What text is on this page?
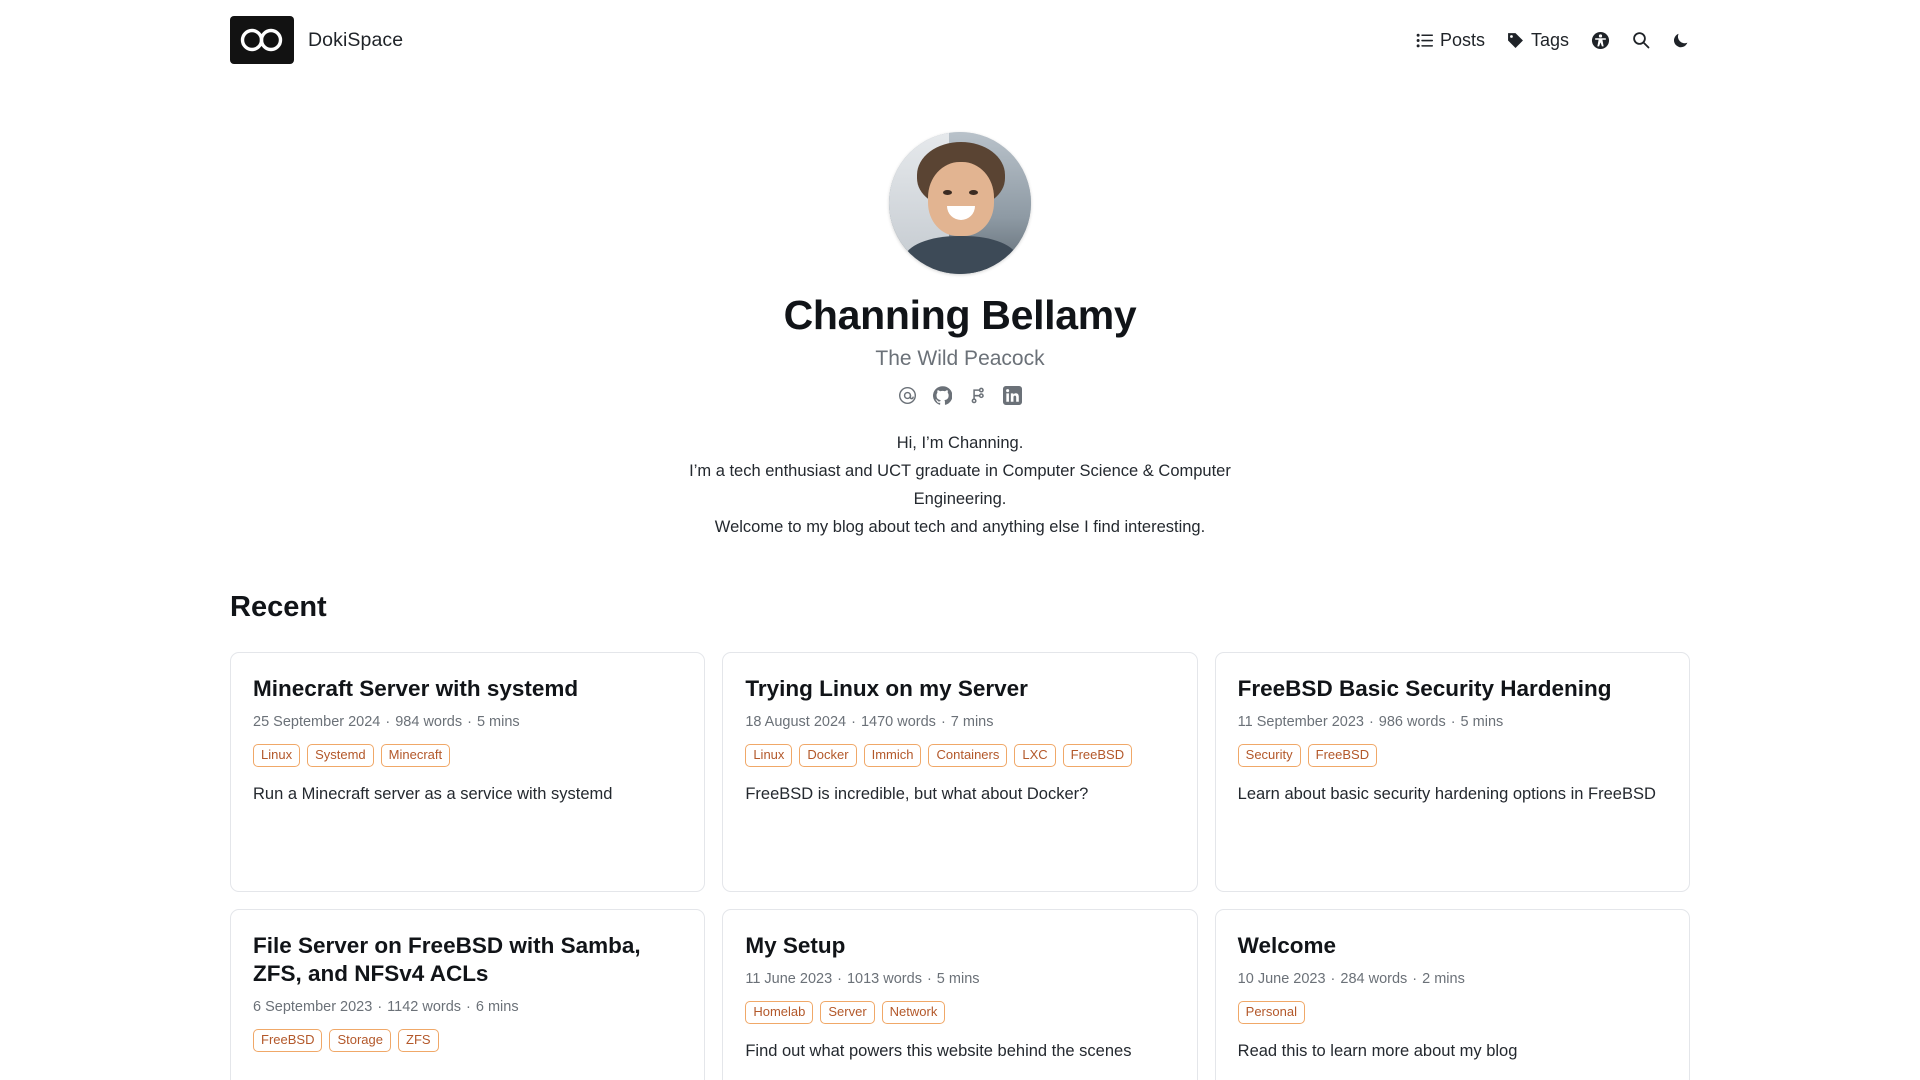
DokiSpace	Posts	Tags
Channing Bellamy
The Wild Peacock
Hi, I’m Channing.
I’m a tech enthusiast and UCT graduate in Computer Science & Computer Engineering.
Welcome to my blog about tech and anything else I find interesting.
Recent
Minecraft Server with systemd
25 September 2024 · 984 words · 5 mins
Linux	Systemd	Minecraft
Run a Minecraft server as a service with systemd
Trying Linux on my Server
18 August 2024 · 1470 words · 7 mins
Linux	Docker	Immich	Containers	LXC	FreeBSD
FreeBSD is incredible, but what about Docker?
FreeBSD Basic Security Hardening
11 September 2023 · 986 words · 5 mins
Security	FreeBSD
Learn about basic security hardening options in FreeBSD
File Server on FreeBSD with Samba, ZFS, and NFSv4 ACLs
6 September 2023 · 1142 words · 6 mins
FreeBSD	Storage	ZFS
My Setup
11 June 2023 · 1013 words · 5 mins
Homelab	Server	Network
Find out what powers this website behind the scenes
Welcome
10 June 2023 · 284 words · 2 mins
Personal
Read this to learn more about my blog
